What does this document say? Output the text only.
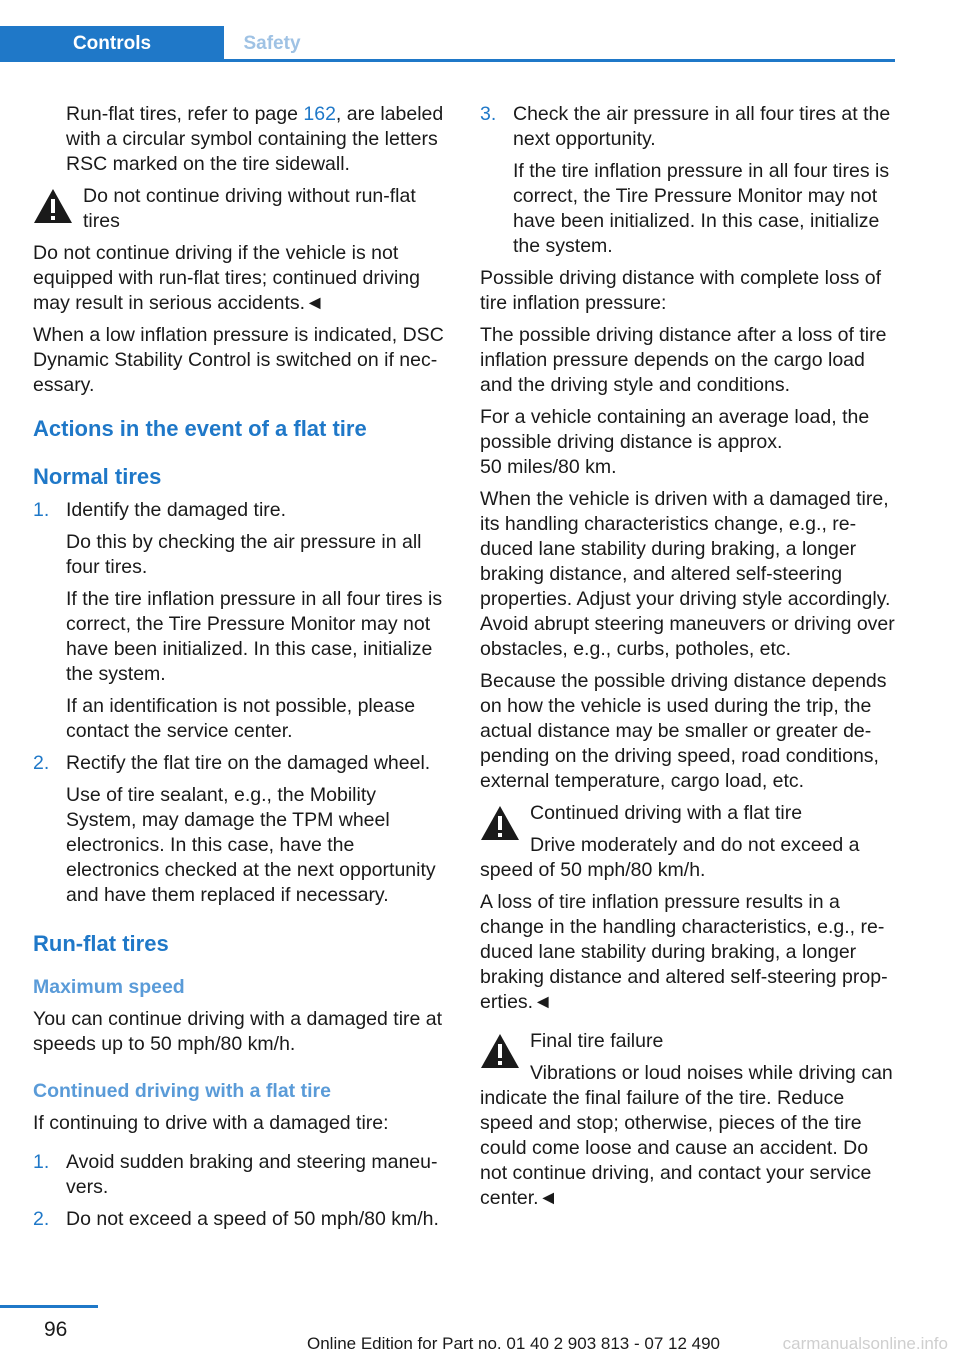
Controls	Safety

Run-flat tires, refer to page 162, are labeled with a circular symbol containing the letters RSC marked on the tire sidewall.

Do not continue driving without run-flat tires

Do not continue driving if the vehicle is not equipped with run-flat tires; continued driving may result in serious accidents.◄

When a low inflation pressure is indicated, DSC Dynamic Stability Control is switched on if necessary.

Actions in the event of a flat tire
Normal tires
1. Identify the damaged tire.

Do this by checking the air pressure in all four tires.

If the tire inflation pressure in all four tires is correct, the Tire Pressure Monitor may not have been initialized. In this case, initialize the system.

If an identification is not possible, please contact the service center.

2. Rectify the flat tire on the damaged wheel.

Use of tire sealant, e.g., the Mobility System, may damage the TPM wheel electronics. In this case, have the electronics checked at the next opportunity and have them replaced if necessary.

Run-flat tires
Maximum speed

You can continue driving with a damaged tire at speeds up to 50 mph/80 km/h.

Continued driving with a flat tire

If continuing to drive with a damaged tire:

1. Avoid sudden braking and steering maneuvers.

2. Do not exceed a speed of 50 mph/80 km/h.

3. Check the air pressure in all four tires at the next opportunity.

If the tire inflation pressure in all four tires is correct, the Tire Pressure Monitor may not have been initialized. In this case, initialize the system.

Possible driving distance with complete loss of tire inflation pressure:

The possible driving distance after a loss of tire inflation pressure depends on the cargo load and the driving style and conditions.

For a vehicle containing an average load, the possible driving distance is approx.
50 miles/80 km.

When the vehicle is driven with a damaged tire, its handling characteristics change, e.g., reduced lane stability during braking, a longer braking distance, and altered self-steering properties. Adjust your driving style accordingly. Avoid abrupt steering maneuvers or driving over obstacles, e.g., curbs, potholes, etc.

Because the possible driving distance depends on how the vehicle is used during the trip, the actual distance may be smaller or greater depending on the driving speed, road conditions, external temperature, cargo load, etc.

Continued driving with a flat tire

Drive moderately and do not exceed a speed of 50 mph/80 km/h.

A loss of tire inflation pressure results in a change in the handling characteristics, e.g., reduced lane stability during braking, a longer braking distance and altered self-steering properties.◄

Final tire failure

Vibrations or loud noises while driving can indicate the final failure of the tire. Reduce speed and stop; otherwise, pieces of the tire could come loose and cause an accident. Do not continue driving, and contact your service center.◄

96
Online Edition for Part no. 01 40 2 903 813 - 07 12 490	carmanualsonline.info
